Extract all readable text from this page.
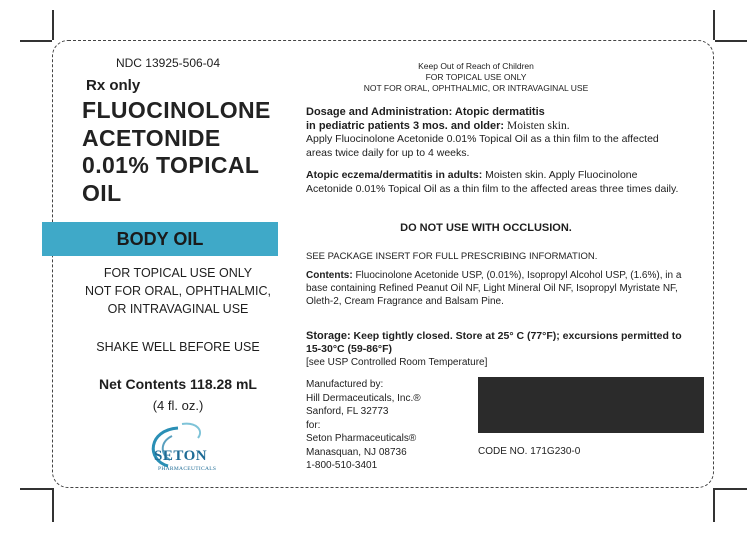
NDC 13925-506-04
Rx only
FLUOCINOLONE
ACETONIDE
0.01% TOPICAL
OIL
BODY OIL
FOR TOPICAL USE ONLY
NOT FOR ORAL, OPHTHALMIC,
OR INTRAVAGINAL USE
SHAKE WELL BEFORE USE
Net Contents 118.28 mL
(4 fl. oz.)
SETON
PHARMACEUTICALS
Keep Out of Reach of Children
FOR TOPICAL USE ONLY
NOT FOR ORAL, OPHTHALMIC, OR INTRAVAGINAL USE
Dosage and Administration: Atopic dermatitis
in pediatric patients 3 mos. and older: Moisten skin.
Apply Fluocinolone Acetonide 0.01% Topical Oil as a thin film to the affected areas twice daily for up to 4 weeks.
Atopic eczema/dermatitis in adults: Moisten skin. Apply Fluocinolone Acetonide 0.01% Topical Oil as a thin film to the affected areas three times daily.
DO NOT USE WITH OCCLUSION.
SEE PACKAGE INSERT FOR FULL PRESCRIBING INFORMATION.
Contents: Fluocinolone Acetonide USP, (0.01%), Isopropyl Alcohol USP, (1.6%), in a base containing Refined Peanut Oil NF, Light Mineral Oil NF, Isopropyl Myristate NF, Oleth-2, Cream Fragrance and Balsam Pine.
Storage: Keep tightly closed. Store at 25° C (77°F); excursions permitted to 15-30°C (59-86°F)
[see USP Controlled Room Temperature]
Manufactured by:
Hill Dermaceuticals, Inc.®
Sanford, FL 32773
for:
Seton Pharmaceuticals®
Manasquan, NJ 08736
1-800-510-3401
CODE NO. 171G230-0
